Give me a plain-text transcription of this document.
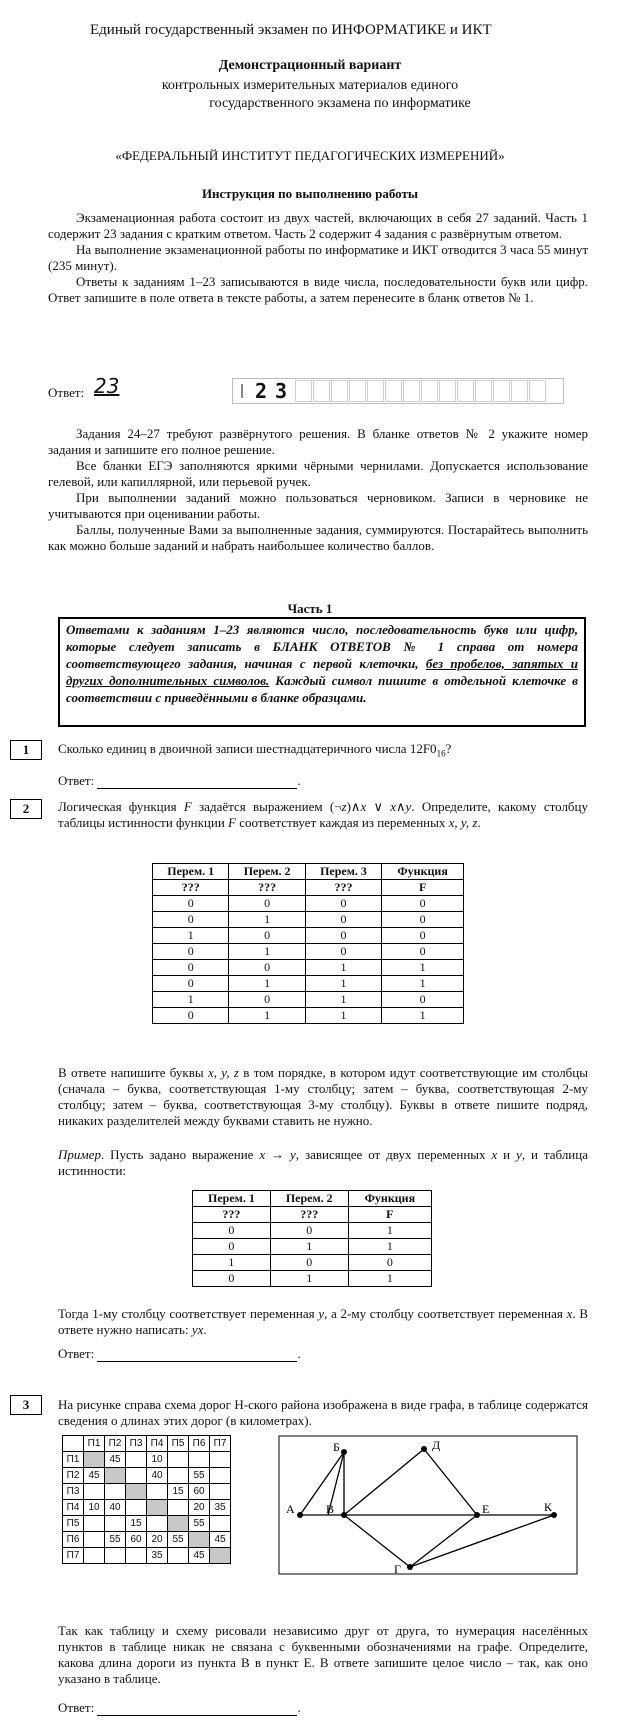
Единый государственный экзамен по ИНФОРМАТИКЕ и ИКТ
Демонстрационный вариант
контрольных измерительных материалов единого
государственного экзамена по информатике
«ФЕДЕРАЛЬНЫЙ ИНСТИТУТ ПЕДАГОГИЧЕСКИХ ИЗМЕРЕНИЙ»
Инструкция по выполнению работы

Экзаменационная работа состоит из двух частей, включающих в себя 27 заданий. Часть 1 содержит 23 задания с кратким ответом. Часть 2 содержит 4 задания с развёрнутым ответом.

На выполнение экзаменационной работы по информатике и ИКТ отводится 3 часа 55 минут (235 минут).

Ответы к заданиям 1–23 записываются в виде числа, последовательности букв или цифр. Ответ запишите в поле ответа в тексте работы, а затем перенесите в бланк ответов № 1.

Ответ: 23	2 3

Задания 24–27 требуют развёрнутого решения. В бланке ответов № 2 укажите номер задания и запишите его полное решение.

Все бланки ЕГЭ заполняются яркими чёрными чернилами. Допускается использование гелевой, или капиллярной, или перьевой ручек.

При выполнении заданий можно пользоваться черновиком. Записи в черновике не учитываются при оценивании работы.

Баллы, полученные Вами за выполненные задания, суммируются. Постарайтесь выполнить как можно больше заданий и набрать наибольшее количество баллов.

Часть 1
Ответами к заданиям 1–23 являются число, последовательность букв или цифр, которые следует записать в БЛАНК ОТВЕТОВ № 1 справа от номера соответствующего задания, начиная с первой клеточки, без пробелов, запятых и других дополнительных символов. Каждый символ пишите в отдельной клеточке в соответствии с приведёнными в бланке образцами.
1	Сколько единиц в двоичной записи шестнадцатеричного числа $12F0_{16}$?
Ответ:	.
2	Логическая функция F задаётся выражением (¬z)∧x ∨ x∧y. Определите, какому столбцу таблицы истинности функции F соответствует каждая из переменных x, y, z.
Перем. 1	Перем. 2	Перем. 3	Функция
???	???	???	F
0	0	0	0
0	1	0	0
1	0	0	0
0	1	0	0
0	0	1	1
0	1	1	1
1	0	1	0
0	1	1	1
В ответе напишите буквы x, y, z в том порядке, в котором идут соответствующие им столбцы (сначала – буква, соответствующая 1-му столбцу; затем – буква, соответствующая 2-му столбцу; затем – буква, соответствующая 3-му столбцу). Буквы в ответе пишите подряд, никаких разделителей между буквами ставить не нужно.
Пример. Пусть задано выражение x → y, зависящее от двух переменных x и y, и таблица истинности:
Перем. 1	Перем. 2	Функция
???	???	F
0	0	1
0	1	1
1	0	0
0	1	1
Тогда 1-му столбцу соответствует переменная y, а 2-му столбцу соответствует переменная x. В ответе нужно написать: yx.
Ответ:	.
3	На рисунке справа схема дорог Н-ского района изображена в виде графа, в таблице содержатся сведения о длинах этих дорог (в километрах).
	П1	П2	П3	П4	П5	П6	П7
П1		45		10			
П2	45			40		55	
П3					15	60	
П4	10	40				20	35
П5			15			55	
П6		55	60	20	55		45
П7				35		45	
А
Б
В
Д
Е	К
Г
Так как таблицу и схему рисовали независимо друг от друга, то нумерация населённых пунктов в таблице никак не связана с буквенными обозначениями на графе. Определите, какова длина дороги из пункта В в пункт Е. В ответе запишите целое число – так, как оно указано в таблице.
Ответ:	.
